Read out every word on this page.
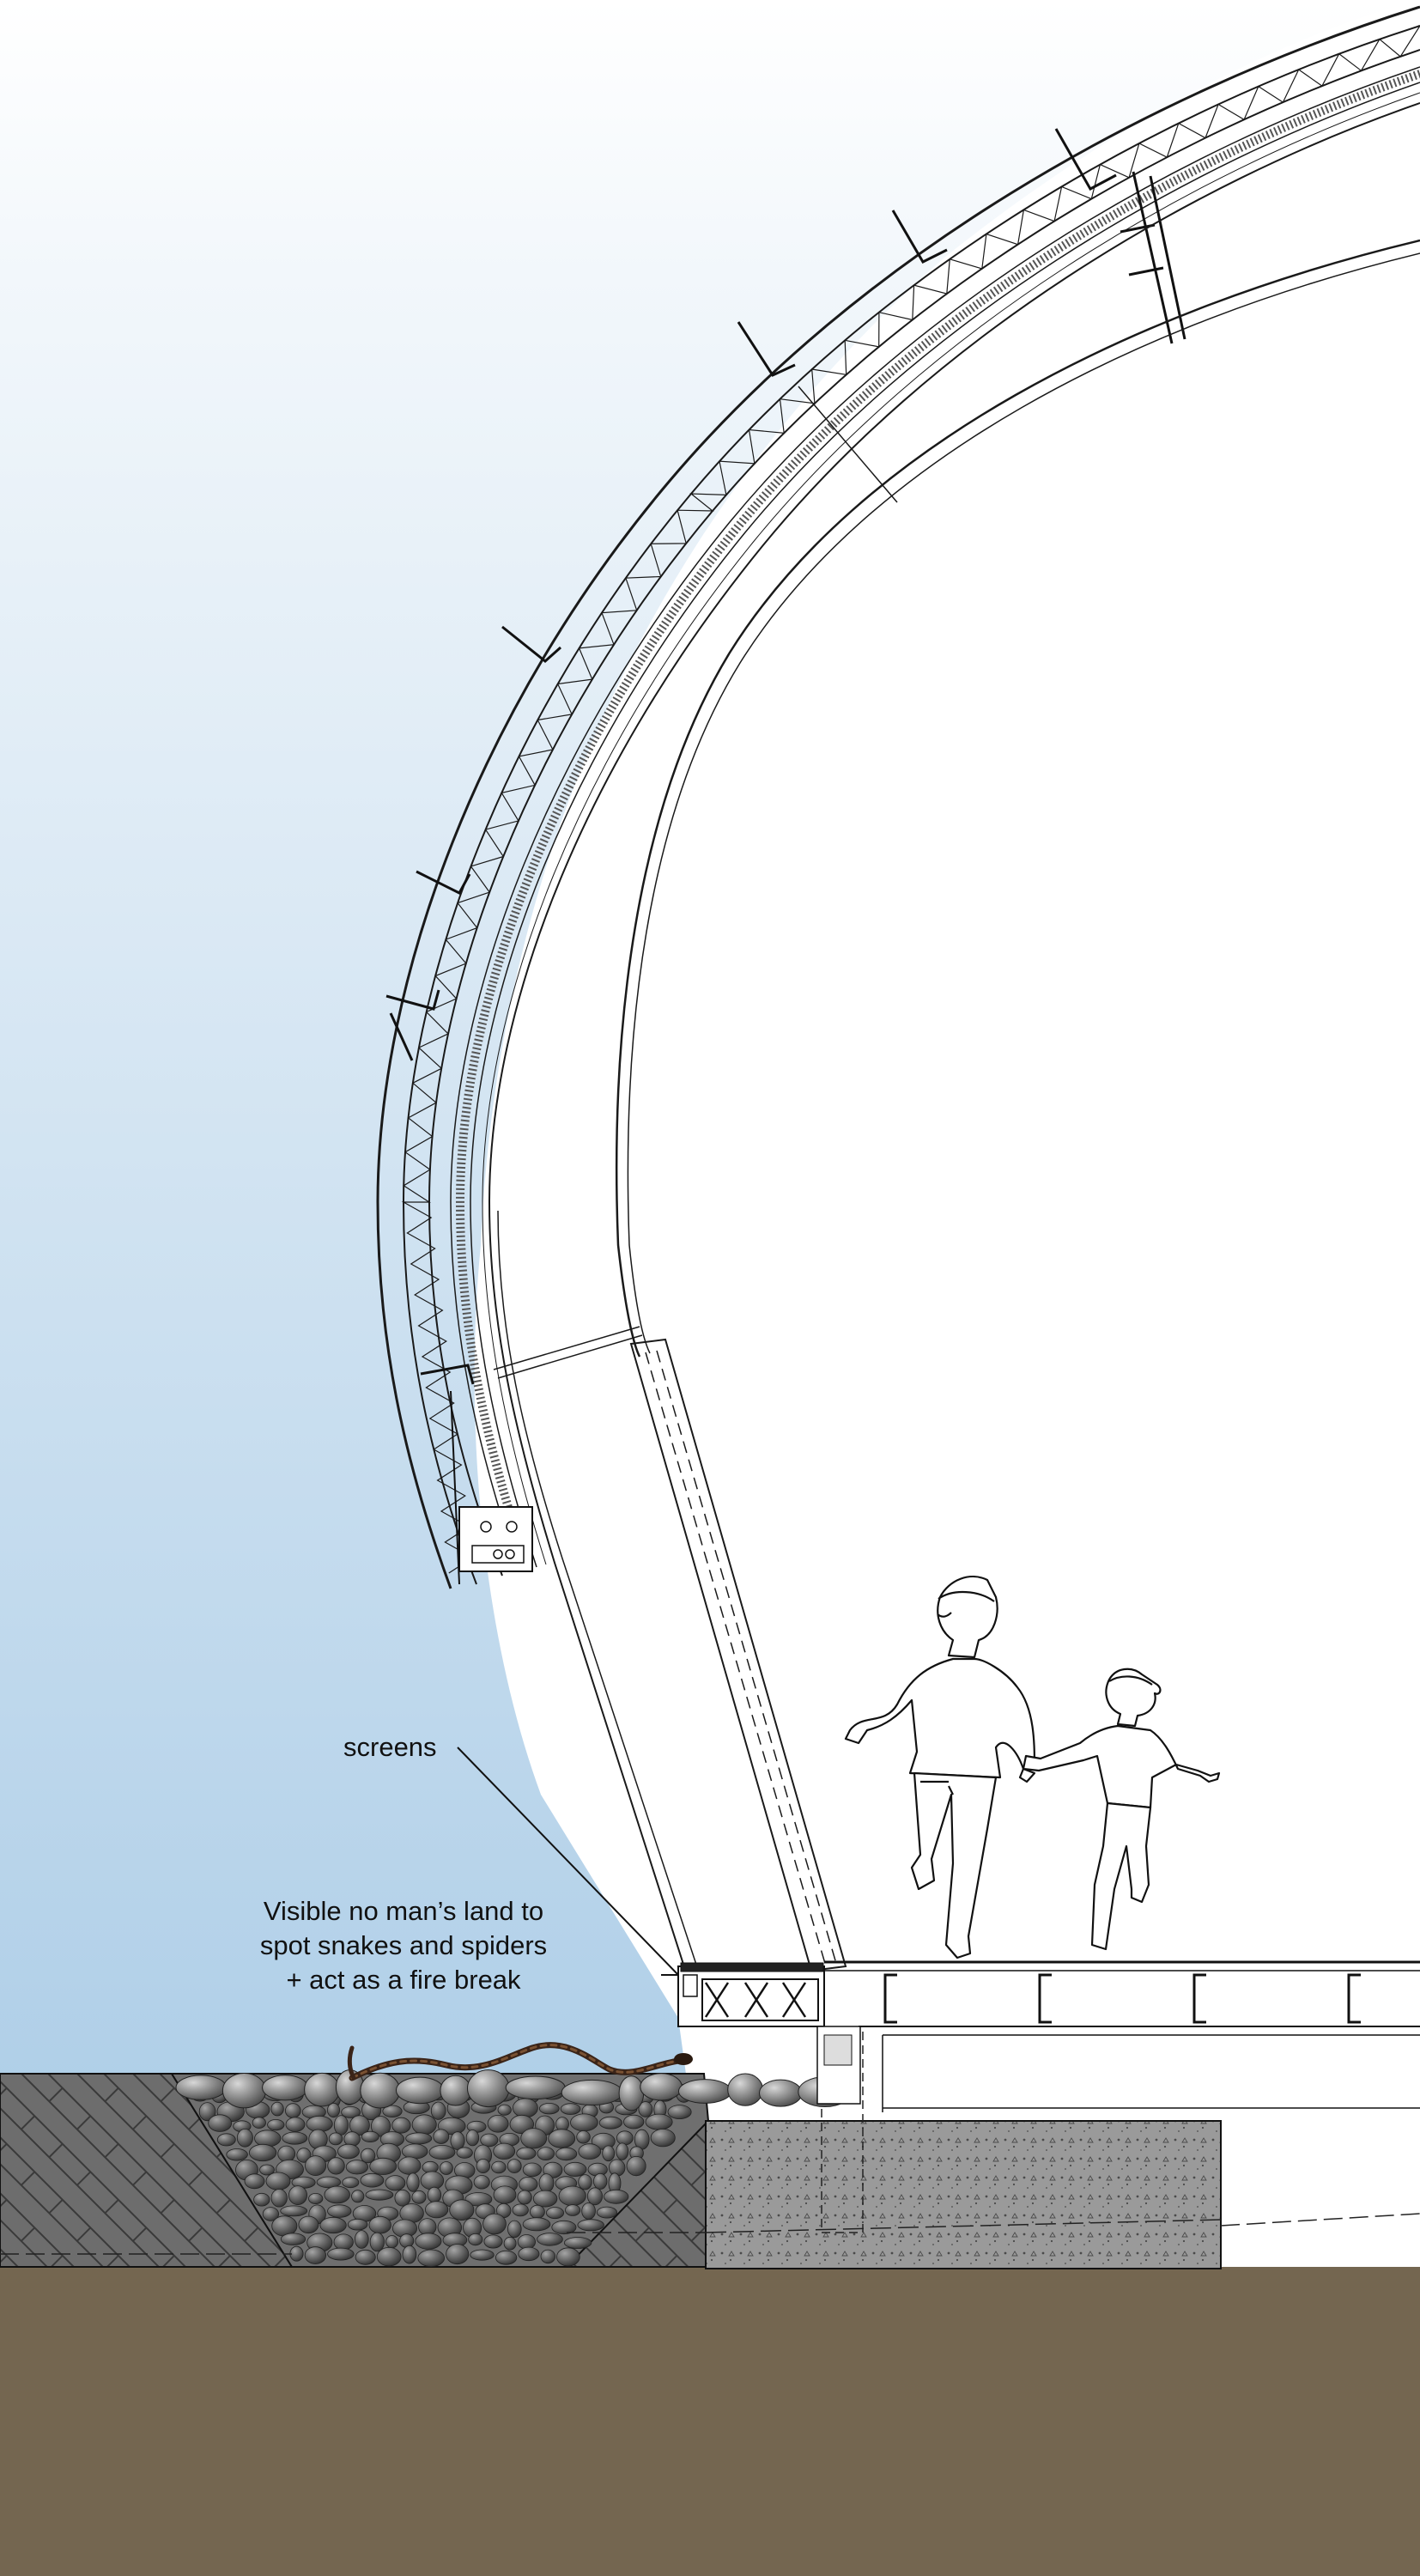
screens
Visible no man’s land to
spot snakes and spiders
+ act as a fire break
